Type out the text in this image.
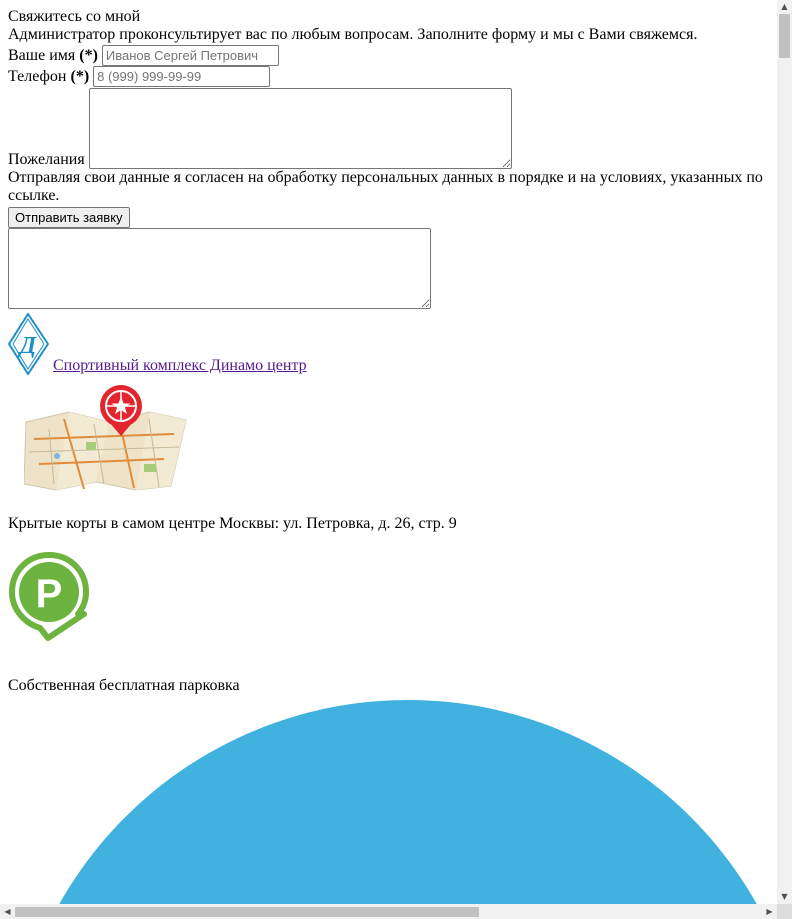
Свяжитесь со мной
Администратор проконсультирует вас по любым вопросам. Заполните форму и мы с Вами свяжемся.
Ваше имя (*) Иванов Сергей Петрович
Телефон (*) 8 (999) 999-99-99
Пожелания
Отправляя свои данные я согласен на обработку персональных данных в порядке и на условиях, указанных по ссылке.
Отправить заявку
Д
Спортивный комплекс Динамо центр
Крытые корты в самом центре Москвы: ул. Петровка, д. 26, стр. 9
P
Собственная бесплатная парковка
▲
▼
◀	▶
